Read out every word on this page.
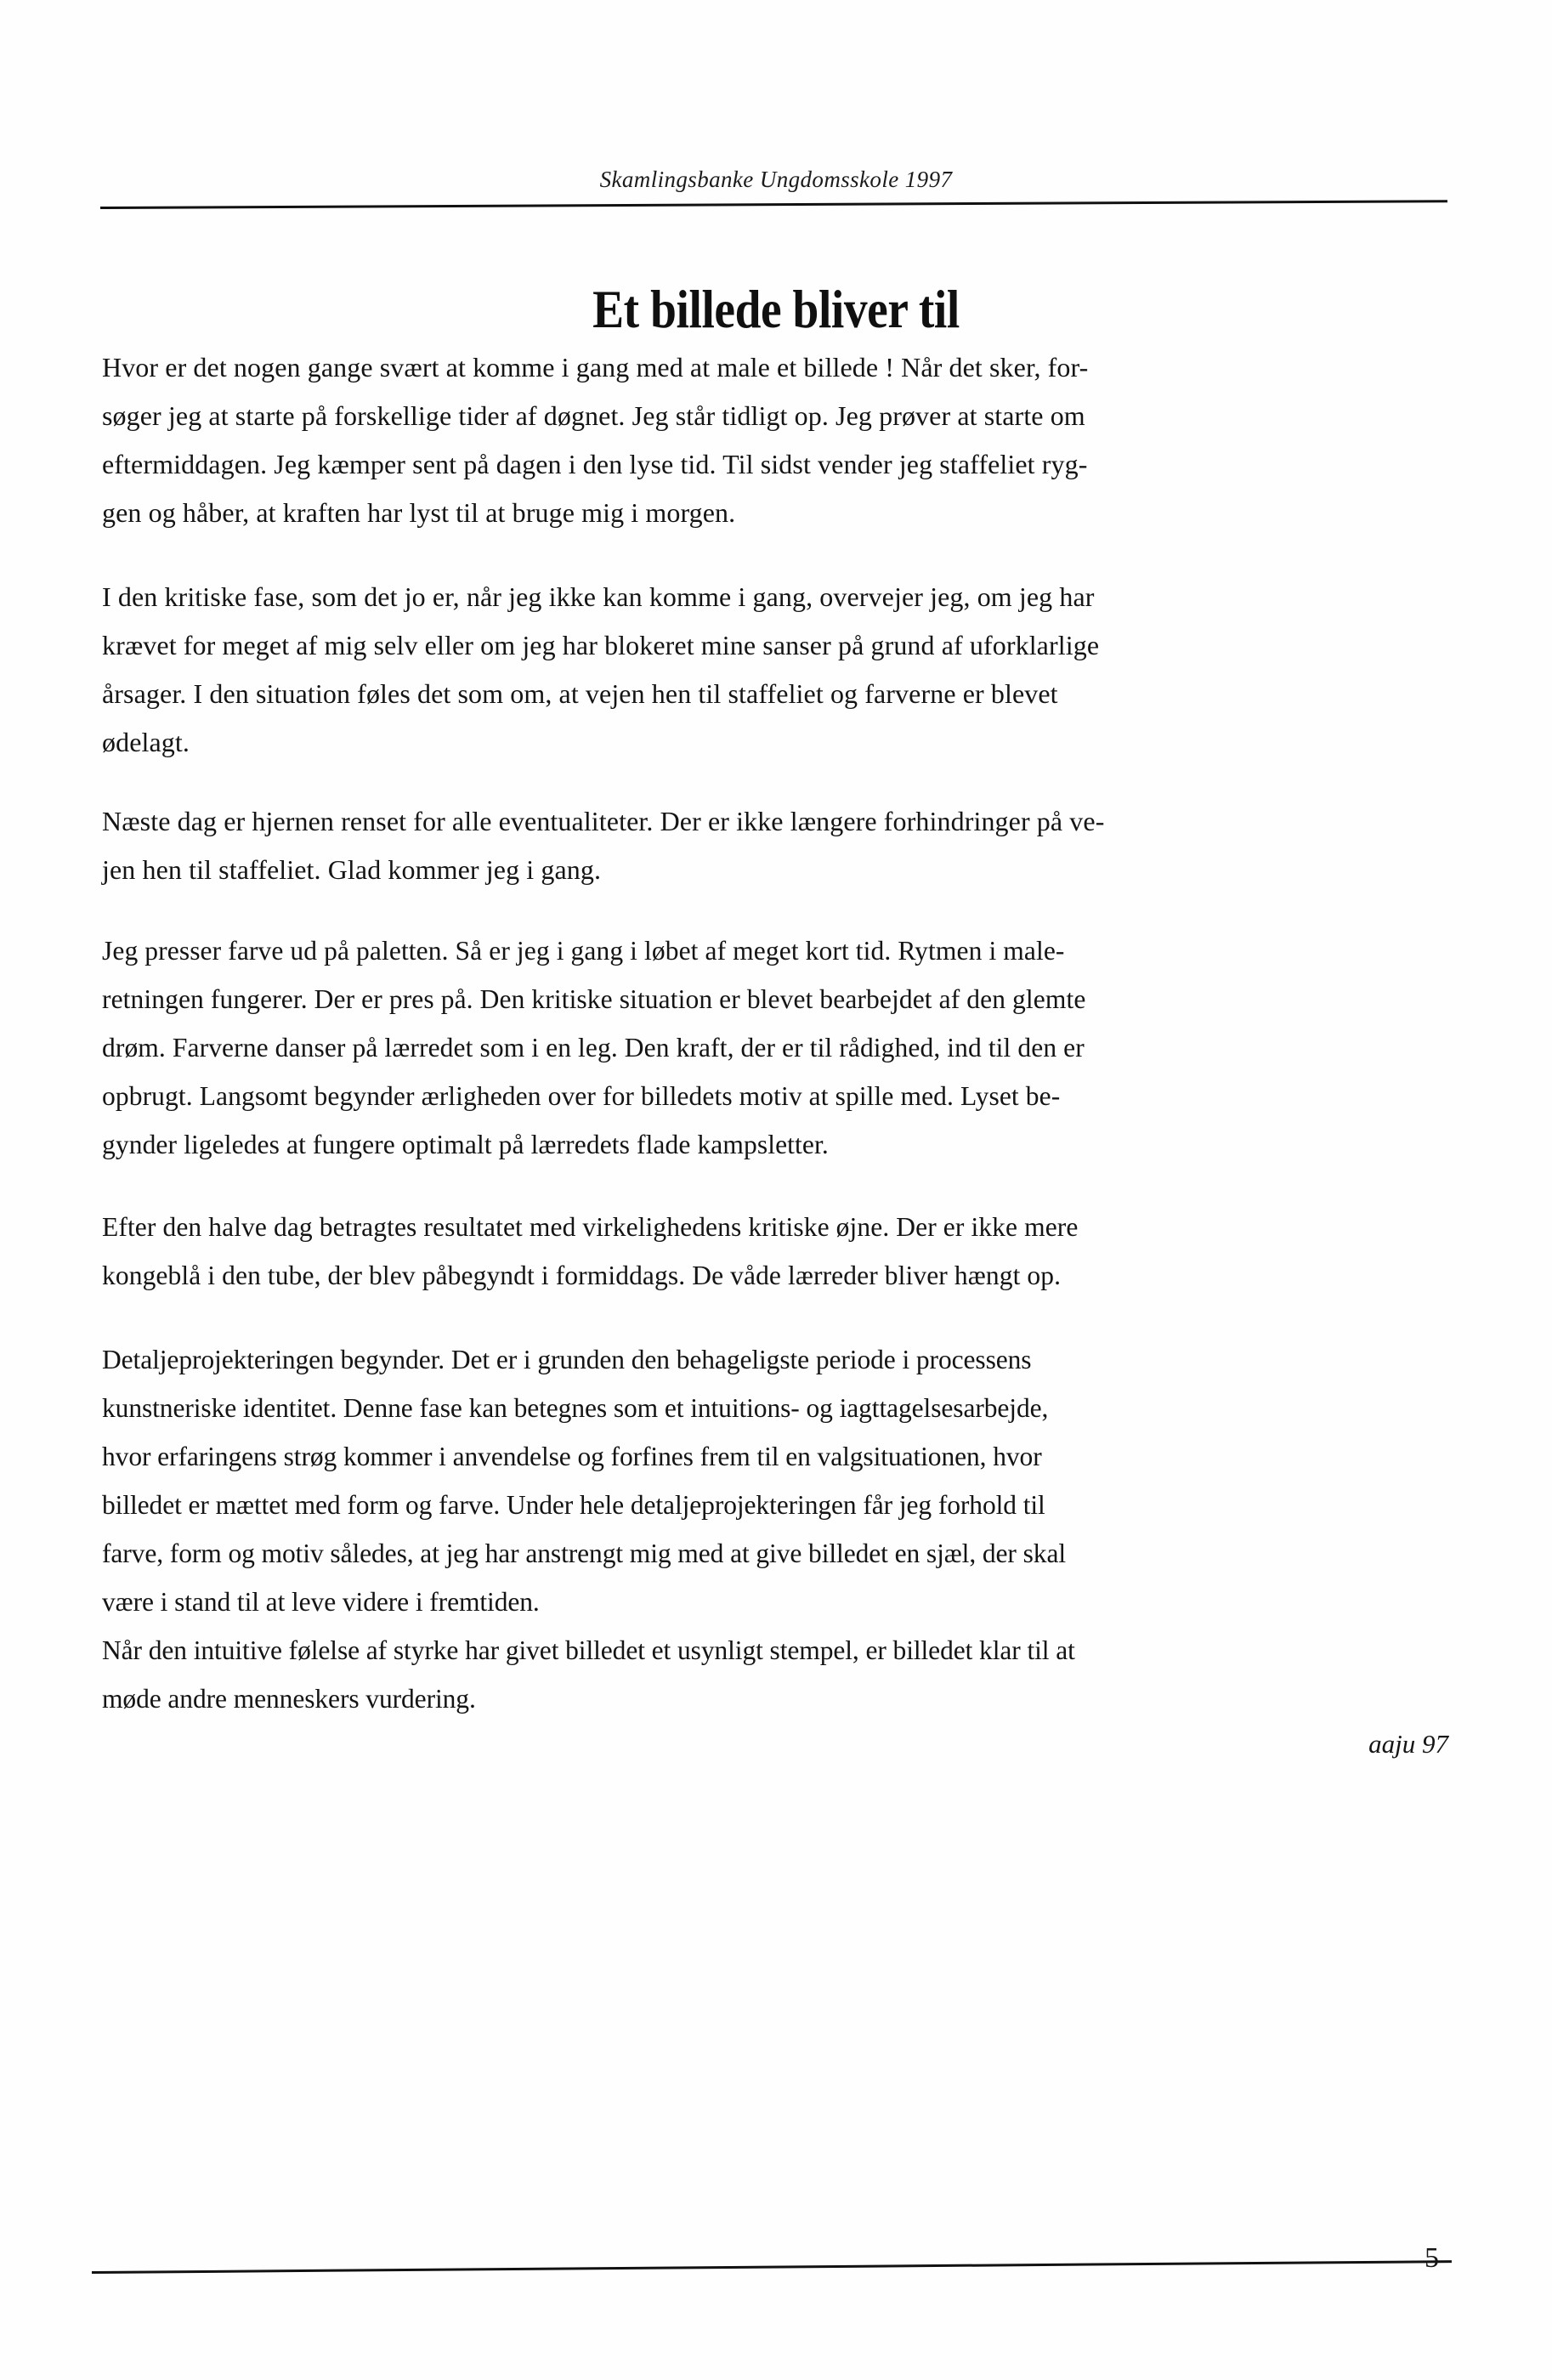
Skamlingsbanke Ungdomsskole 1997
Et billede bliver til

Hvor er det nogen gange svært at komme i gang med at male et billede ! Når det sker, for-
søger jeg at starte på forskellige tider af døgnet. Jeg står tidligt op. Jeg prøver at starte om
eftermiddagen. Jeg kæmper sent på dagen i den lyse tid. Til sidst vender jeg staffeliet ryg-
gen og håber, at kraften har lyst til at bruge mig i morgen.

I den kritiske fase, som det jo er, når jeg ikke kan komme i gang, overvejer jeg, om jeg har
krævet for meget af mig selv eller om jeg har blokeret mine sanser på grund af uforklarlige
årsager. I den situation føles det som om, at vejen hen til staffeliet og farverne er blevet
ødelagt.

Næste dag er hjernen renset for alle eventualiteter. Der er ikke længere forhindringer på ve-
jen hen til staffeliet. Glad kommer jeg i gang.

Jeg presser farve ud på paletten. Så er jeg i gang i løbet af meget kort tid. Rytmen i male-
retningen fungerer. Der er pres på. Den kritiske situation er blevet bearbejdet af den glemte
drøm. Farverne danser på lærredet som i en leg. Den kraft, der er til rådighed, ind til den er
opbrugt. Langsomt begynder ærligheden over for billedets motiv at spille med. Lyset be-
gynder ligeledes at fungere optimalt på lærredets flade kampsletter.

Efter den halve dag betragtes resultatet med virkelighedens kritiske øjne. Der er ikke mere
kongeblå i den tube, der blev påbegyndt i formiddags. De våde lærreder bliver hængt op.

Detaljeprojekteringen begynder. Det er i grunden den behageligste periode i processens
kunstneriske identitet. Denne fase kan betegnes som et intuitions- og iagttagelsesarbejde,
hvor erfaringens strøg kommer i anvendelse og forfines frem til en valgsituationen, hvor
billedet er mættet med form og farve. Under hele detaljeprojekteringen får jeg forhold til
farve, form og motiv således, at jeg har anstrengt mig med at give billedet en sjæl, der skal
være i stand til at leve videre i fremtiden.
Når den intuitive følelse af styrke har givet billedet et usynligt stempel, er billedet klar til at
møde andre menneskers vurdering.

aaju 97
5
